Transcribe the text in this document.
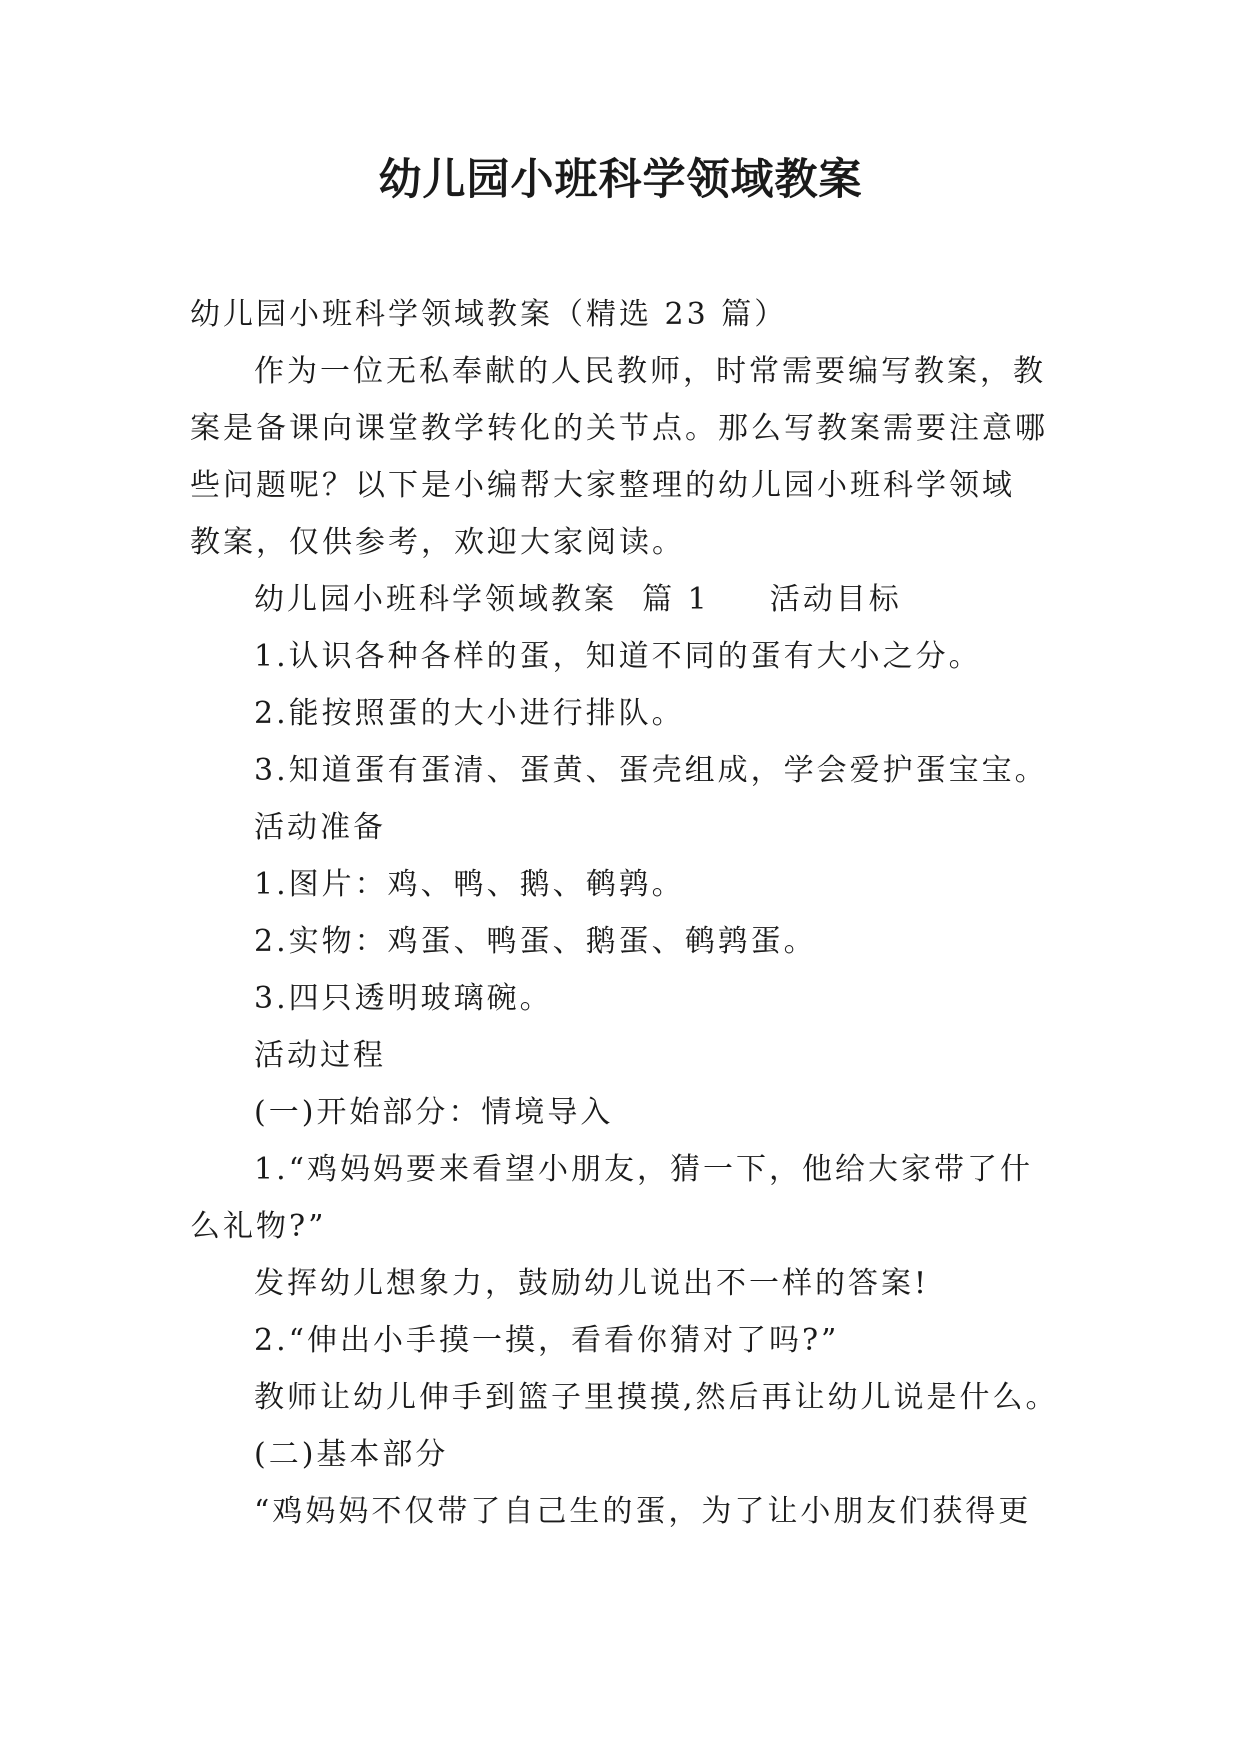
幼儿园小班科学领域教案

幼儿园小班科学领域教案（精选 23 篇）

作为一位无私奉献的人民教师，时常需要编写教案，教

案是备课向课堂教学转化的关节点。那么写教案需要注意哪

些问题呢？以下是小编帮大家整理的幼儿园小班科学领域

教案，仅供参考，欢迎大家阅读。

幼儿园小班科学领域教案  篇 1 活动目标

1.认识各种各样的蛋，知道不同的蛋有大小之分。

2.能按照蛋的大小进行排队。

3.知道蛋有蛋清、蛋黄、蛋壳组成，学会爱护蛋宝宝。

活动准备

1.图片：鸡、鸭、鹅、鹌鹑。

2.实物：鸡蛋、鸭蛋、鹅蛋、鹌鹑蛋。

3.四只透明玻璃碗。

活动过程

(一)开始部分：情境导入

1.“鸡妈妈要来看望小朋友，猜一下，他给大家带了什

么礼物?”

发挥幼儿想象力，鼓励幼儿说出不一样的答案!

2.“伸出小手摸一摸，看看你猜对了吗?”

教师让幼儿伸手到篮子里摸摸,然后再让幼儿说是什么。

(二)基本部分

“鸡妈妈不仅带了自己生的蛋，为了让小朋友们获得更
